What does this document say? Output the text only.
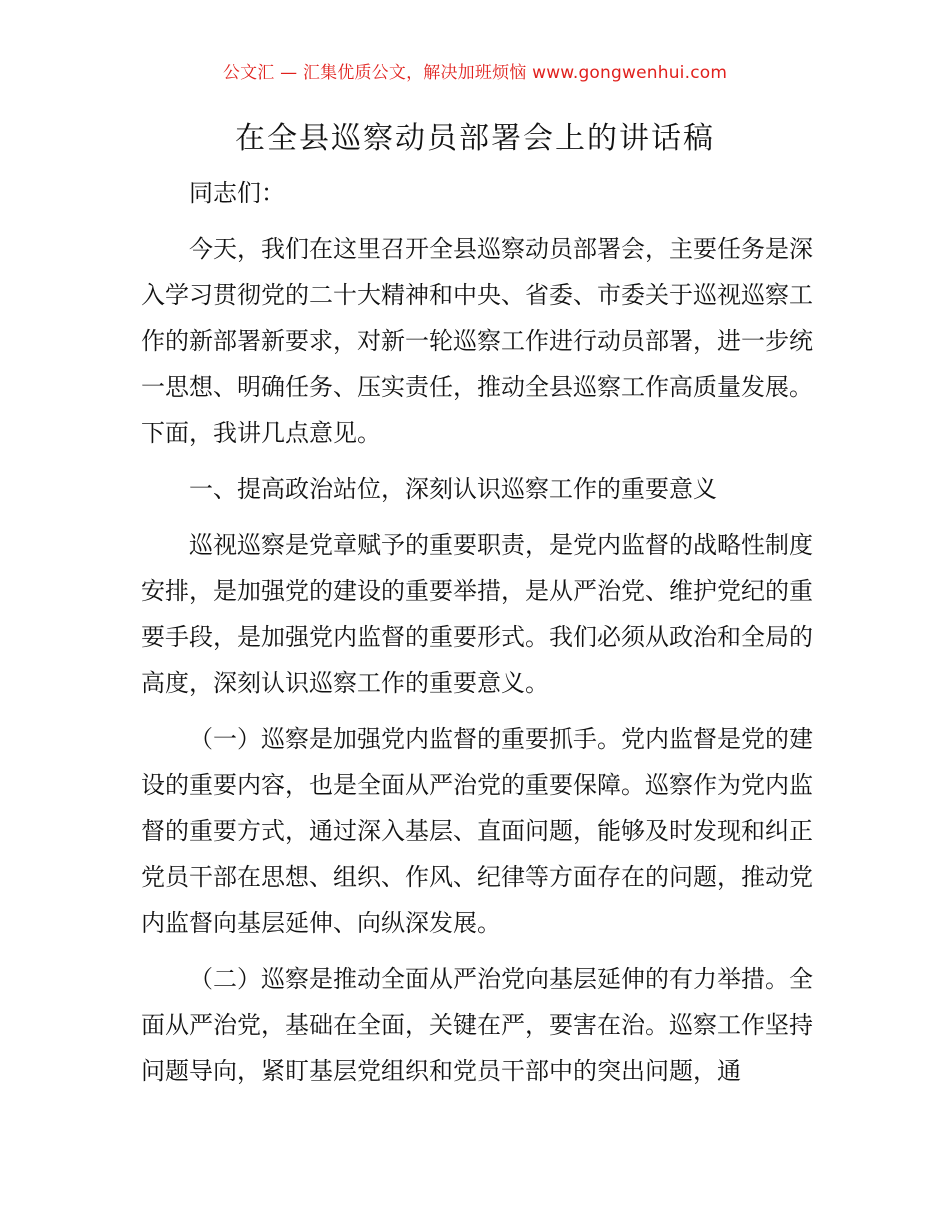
公文汇 — 汇集优质公文，解决加班烦恼 www.gongwenhui.com
在全县巡察动员部署会上的讲话稿

同志们：

今天，我们在这里召开全县巡察动员部署会，主要任务是深入学习贯彻党的二十大精神和中央、省委、市委关于巡视巡察工作的新部署新要求，对新一轮巡察工作进行动员部署，进一步统一思想、明确任务、压实责任，推动全县巡察工作高质量发展。下面，我讲几点意见。

一、提高政治站位，深刻认识巡察工作的重要意义

巡视巡察是党章赋予的重要职责，是党内监督的战略性制度安排，是加强党的建设的重要举措，是从严治党、维护党纪的重要手段，是加强党内监督的重要形式。我们必须从政治和全局的高度，深刻认识巡察工作的重要意义。

（一）巡察是加强党内监督的重要抓手。党内监督是党的建设的重要内容，也是全面从严治党的重要保障。巡察作为党内监督的重要方式，通过深入基层、直面问题，能够及时发现和纠正党员干部在思想、组织、作风、纪律等方面存在的问题，推动党内监督向基层延伸、向纵深发展。

（二）巡察是推动全面从严治党向基层延伸的有力举措。全面从严治党，基础在全面，关键在严，要害在治。巡察工作坚持问题导向，紧盯基层党组织和党员干部中的突出问题，通
